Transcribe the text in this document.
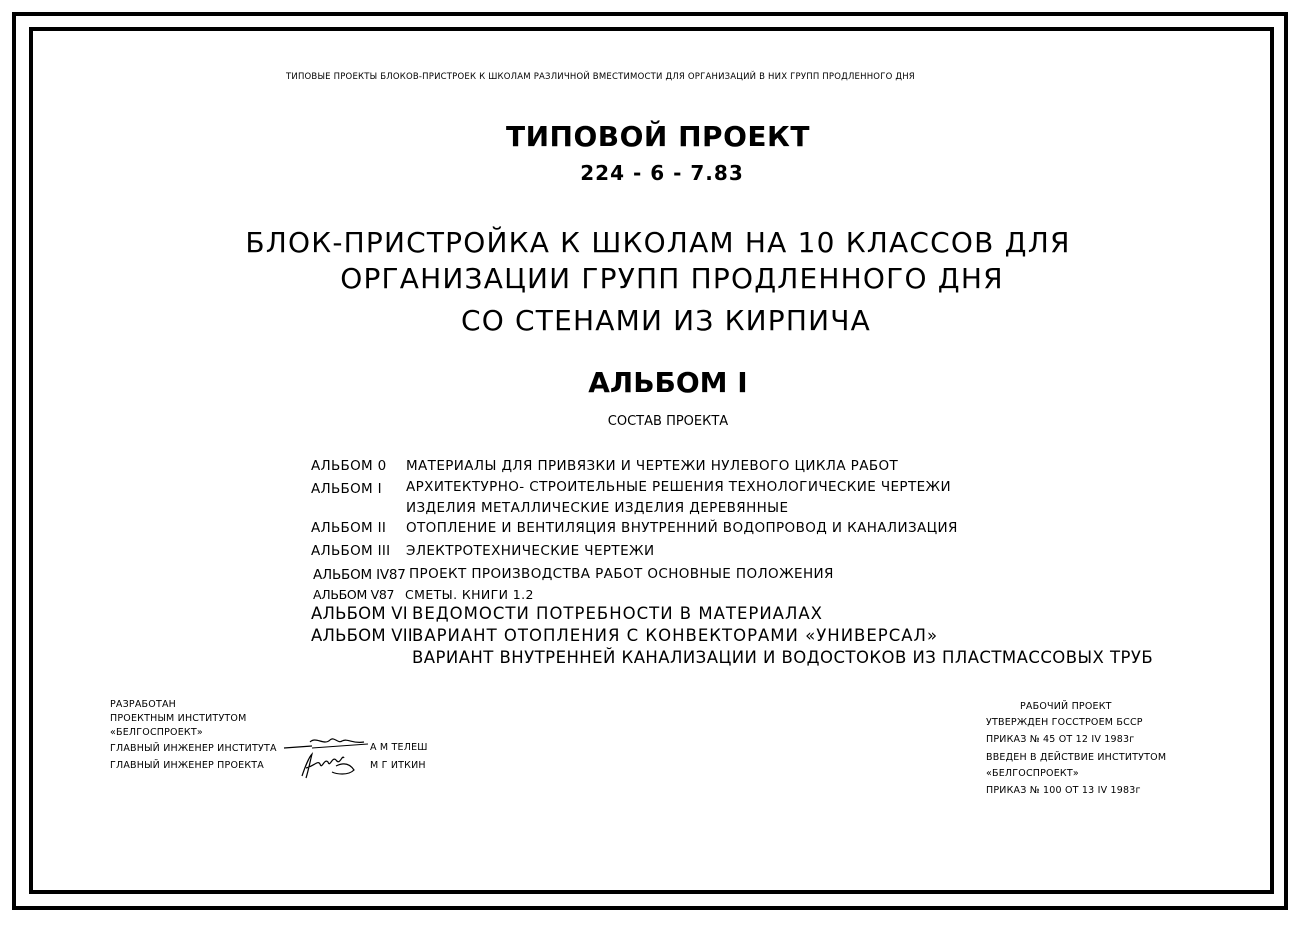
ТИПОВЫЕ ПРОЕКТЫ БЛОКОВ-ПРИСТРОЕК К ШКОЛАМ РАЗЛИЧНОЙ ВМЕСТИМОСТИ ДЛЯ ОРГАНИЗАЦИЙ В НИХ ГРУПП ПРОДЛЕННОГО ДНЯ
ТИПОВОЙ ПРОЕКТ
224 - 6 - 7.83
БЛОК-ПРИСТРОЙКА К ШКОЛАМ НА 10 КЛАССОВ ДЛЯ
ОРГАНИЗАЦИИ ГРУПП ПРОДЛЕННОГО ДНЯ
СО СТЕНАМИ ИЗ КИРПИЧА
АЛЬБОМ I
СОСТАВ ПРОЕКТА
АЛЬБОМ 0 МАТЕРИАЛЫ ДЛЯ ПРИВЯЗКИ И ЧЕРТЕЖИ НУЛЕВОГО ЦИКЛА РАБОТ
АЛЬБОМ I АРХИТЕКТУРНО- СТРОИТЕЛЬНЫЕ РЕШЕНИЯ ТЕХНОЛОГИЧЕСКИЕ ЧЕРТЕЖИ
ИЗДЕЛИЯ МЕТАЛЛИЧЕСКИЕ ИЗДЕЛИЯ ДЕРЕВЯННЫЕ
АЛЬБОМ II ОТОПЛЕНИЕ И ВЕНТИЛЯЦИЯ ВНУТРЕННИЙ ВОДОПРОВОД И КАНАЛИЗАЦИЯ
АЛЬБОМ III ЭЛЕКТРОТЕХНИЧЕСКИЕ ЧЕРТЕЖИ
АЛЬБОМ IV87 ПРОЕКТ ПРОИЗВОДСТВА РАБОТ ОСНОВНЫЕ ПОЛОЖЕНИЯ
АЛЬБОМ V87 СМЕТЫ. КНИГИ 1.2
АЛЬБОМ VI ВЕДОМОСТИ ПОТРЕБНОСТИ В МАТЕРИАЛАХ
АЛЬБОМ VII ВАРИАНТ ОТОПЛЕНИЯ С КОНВЕКТОРАМИ «УНИВЕРСАЛ»
ВАРИАНТ ВНУТРЕННЕЙ КАНАЛИЗАЦИИ И ВОДОСТОКОВ ИЗ ПЛАСТМАССОВЫХ ТРУБ
РАЗРАБОТАН
ПРОЕКТНЫМ ИНСТИТУТОМ
«БЕЛГОСПРОЕКТ»
ГЛАВНЫЙ ИНЖЕНЕР ИНСТИТУТА	А М ТЕЛЕШ
ГЛАВНЫЙ ИНЖЕНЕР ПРОЕКТА	М Г ИТКИН
РАБОЧИЙ ПРОЕКТ
УТВЕРЖДЕН ГОССТРОЕМ БССР
ПРИКАЗ № 45 ОТ 12 IV 1983г
ВВЕДЕН В ДЕЙСТВИЕ ИНСТИТУТОМ
«БЕЛГОСПРОЕКТ»
ПРИКАЗ № 100 ОТ 13 IV 1983г
